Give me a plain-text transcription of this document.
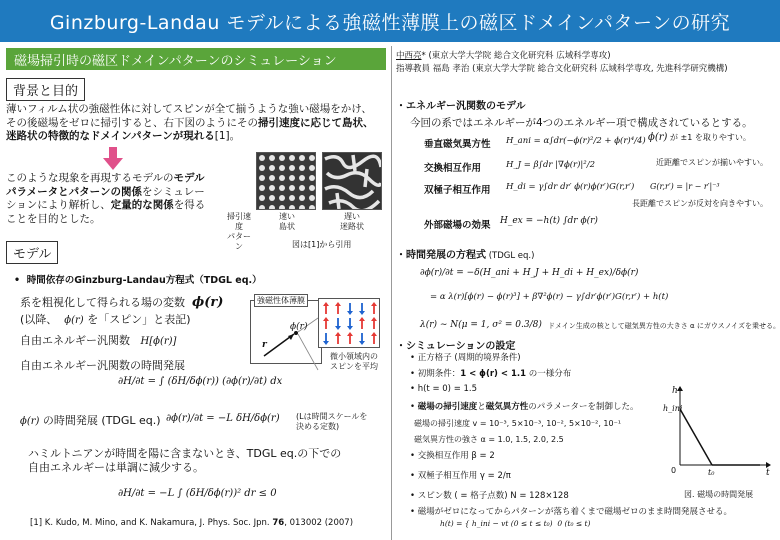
Ginzburg-Landau モデルによる強磁性薄膜上の磁区ドメインパターンの研究
磁場掃引時の磁区ドメインパターンのシミュレーション
背景と目的
薄いフィルム状の強磁性体に対してスピンが全て揃うような強い磁場をかけ、
その後磁場をゼロに掃引すると、右下図のようにその掃引速度に応じて島状、
迷路状の特徴的なドメインパターンが現れる[1]。
このような現象を再現するモデルのモデル
パラメータとパターンの関係をシミュレー
ションにより解析し、定量的な関係を得る
ことを目的とした。	掃引速度
パターン
速い
島状
遅い
迷路状
図は[1]から引用
モデル
•  時間依存のGinzburg-Landau方程式（TDGL eq.）
系を粗視化して得られる場の変数 ϕ(r)
(以降、 ϕ(r) を「スピン」と表記)
自由エネルギー汎関数 H[ϕ(r)]
強磁性体薄膜
ϕ(r)
r
微小領域内の
スピンを平均
自由エネルギー汎関数の時間発展
∂H/∂t = ∫ (δH/δϕ(r)) (∂ϕ(r)/∂t) dx
ϕ(r) の時間発展 (TDGL eq.) ∂ϕ(r)/∂t = −L δH/δϕ(r) (Lは時間スケールを
決める定数)
ハミルトニアンが時間を陽に含まないとき、TDGL eq.の下での
自由エネルギーは単調に減少する。
∂H/∂t = −L ∫ (δH/δϕ(r))² dr ≤ 0
[1] K. Kudo, M. Mino, and K. Nakamura, J. Phys. Soc. Jpn. 76, 013002 (2007)
中西亮* (東京大学大学院 総合文化研究科 広域科学専攻)
指導教員 福島 孝治 (東京大学大学院 総合文化研究科 広域科学専攻, 先進科学研究機構)
・エネルギー汎関数のモデル
今回の系ではエネルギーが4つのエネルギー項で構成されているとする。
垂直磁気異方性 H_ani = α∫dr(−ϕ(r)²/2 + ϕ(r)⁴/4) ϕ(r) が ±1 を取りやすい。
交換相互作用	H_J = β∫dr |∇ϕ(r)|²/2	近距離でスピンが揃いやすい。
双極子相互作用 H_di = γ∫dr dr′ ϕ(r)ϕ(r′)G(r,r′) G(r,r′) = |r − r′|⁻³
長距離でスピンが反対を向きやすい。
外部磁場の効果 H_ex = −h(t) ∫dr ϕ(r)
・時間発展の方程式 (TDGL eq.)
∂ϕ(r)/∂t = −δ(H_ani + H_J + H_di + H_ex)/δϕ(r)
= α λ(r)[ϕ(r) − ϕ(r)³] + β∇²ϕ(r) − γ∫dr′ϕ(r′)G(r,r′) + h(t)
λ(r) ∼ N(μ = 1, σ² = 0.3/8) ドメイン生成の核として磁気異方性の大きさ α にガウスノイズを乗せる。
・シミュレーションの設定
• 正方格子 (周期的境界条件)
• 初期条件：1 < ϕ(r) < 1.1 の一様分布
• h(t = 0) = 1.5
• 磁場の掃引速度と磁気異方性のパラメーターを制御した。
磁場の掃引速度 v = 10⁻³, 5×10⁻³, 10⁻², 5×10⁻², 10⁻¹
磁気異方性の強さ α = 1.0, 1.5, 2.0, 2.5
• 交換相互作用 β = 2
• 双極子相互作用 γ = 2/π
• スピン数 ( = 格子点数) N = 128×128
• 磁場がゼロになってからパターンが落ち着くまで磁場ゼロのまま時間発展させる。
h(t) = { h_ini − vt (0 ≤ t ≤ t₀) 0 (t₀ ≤ t)
h
h_ini
t
t₀
0
図. 磁場の時間発展
